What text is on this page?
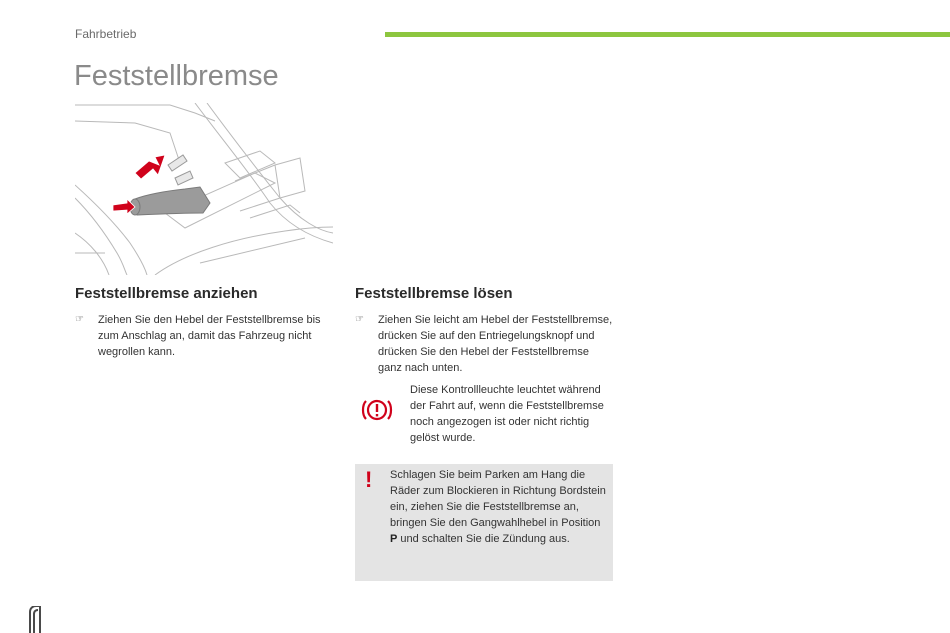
Fahrbetrieb
Feststellbremse
Feststellbremse anziehen
☞ Ziehen Sie den Hebel der Feststellbremse bis zum Anschlag an, damit das Fahrzeug nicht wegrollen kann.
Feststellbremse lösen
☞ Ziehen Sie leicht am Hebel der Feststellbremse, drücken Sie auf den Entriegelungsknopf und drücken Sie den Hebel der Feststellbremse ganz nach unten.

Diese Kontrollleuchte leuchtet während der Fahrt auf, wenn die Feststellbremse noch angezogen ist oder nicht richtig gelöst wurde.

! Schlagen Sie beim Parken am Hang die Räder zum Blockieren in Richtung Bordstein ein, ziehen Sie die Feststellbremse an, bringen Sie den Gangwahlhebel in Position P und schalten Sie die Zündung aus.
